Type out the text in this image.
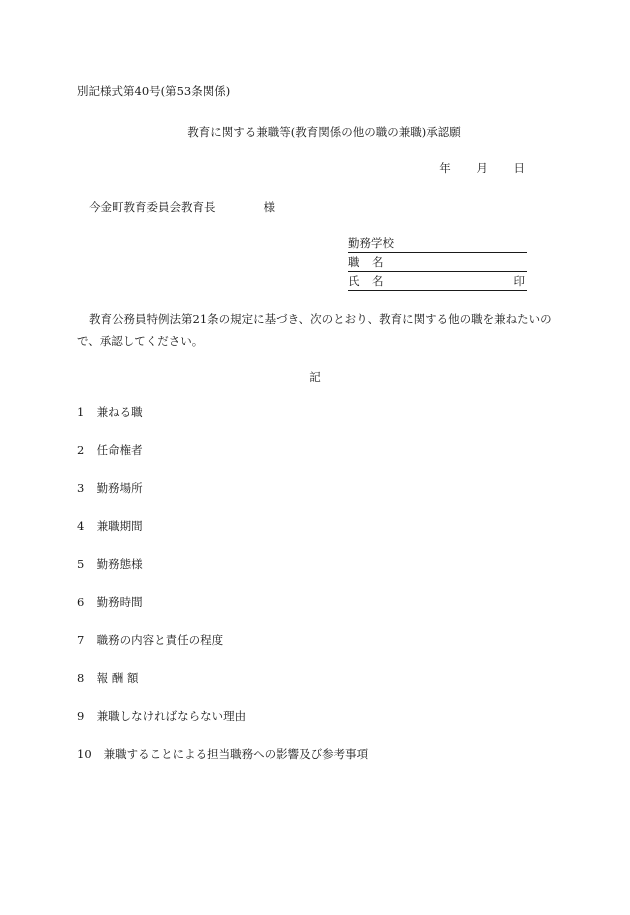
別記様式第40号(第53条関係)
教育に関する兼職等(教育関係の他の職の兼職)承認願
年 月 日
今金町教育委員会教育長	様
勤務学校
職 名
氏 名	印
教育公務員特例法第21条の規定に基づき、次のとおり、教育に関する他の職を兼ねたいので、承認してください。
記
1 兼ねる職
2 任命権者
3 勤務場所
4 兼職期間
5 勤務態様
6 勤務時間
7 職務の内容と責任の程度
8 報 酬 額
9 兼職しなければならない理由
10 兼職することによる担当職務への影響及び参考事項
